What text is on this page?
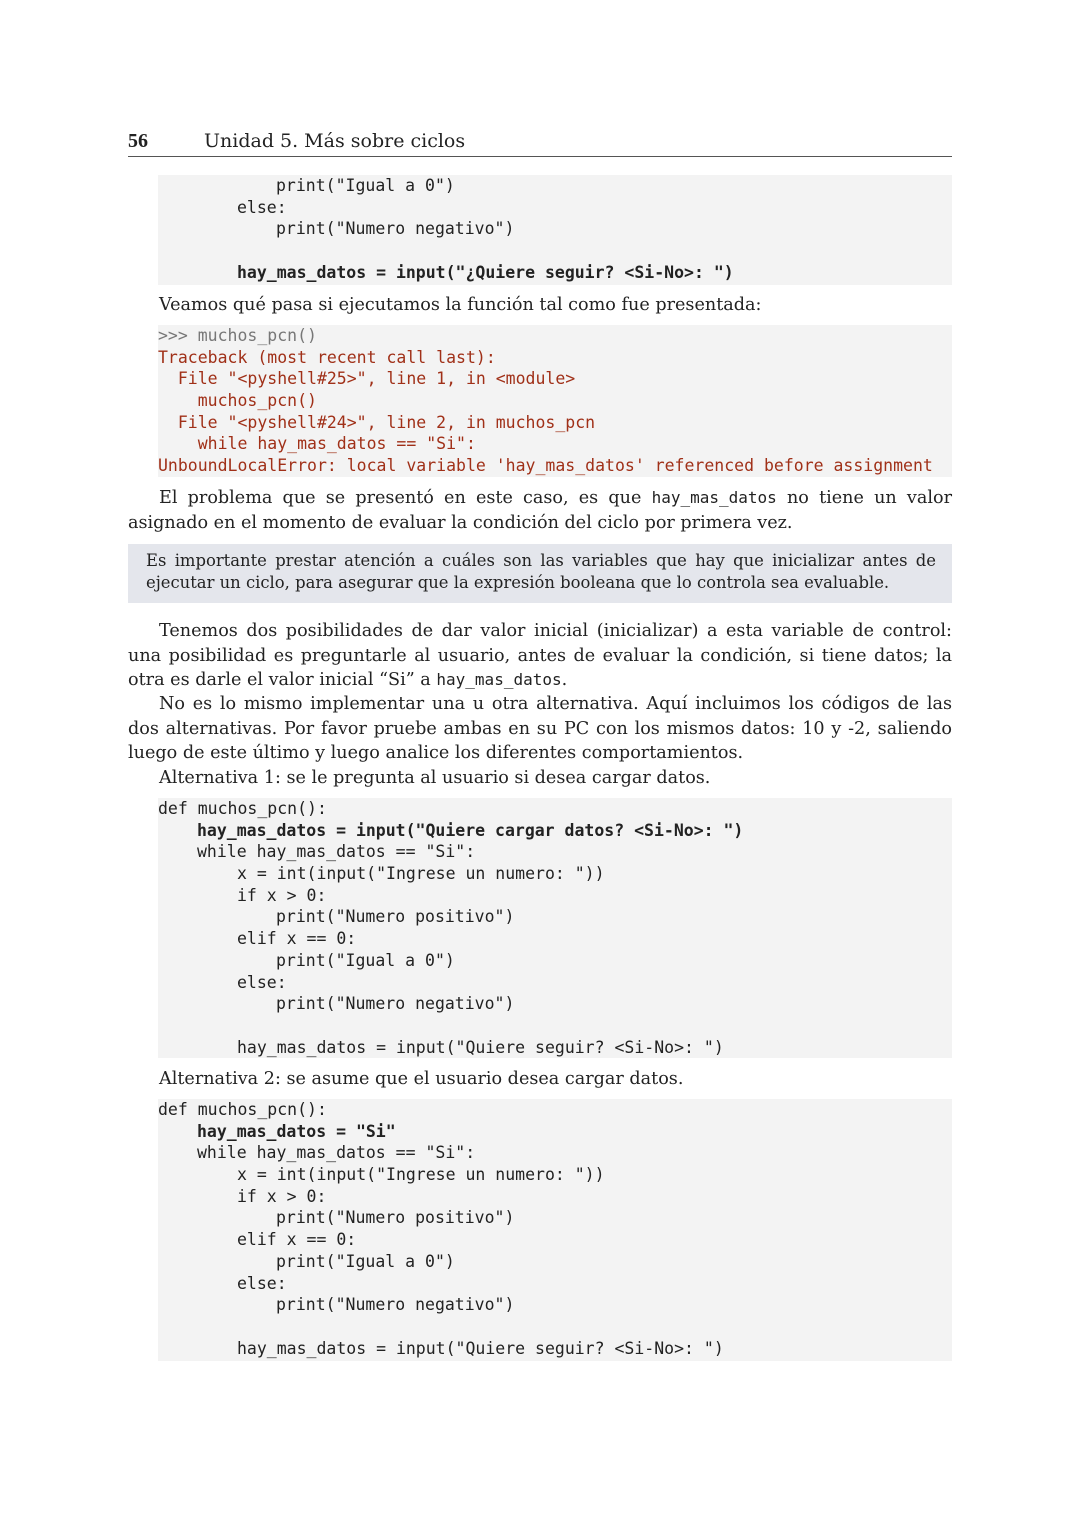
56	Unidad 5. Más sobre ciclos
print("Igual a 0")
else:
print("Numero negativo")
hay_mas_datos = input("¿Quiere seguir? <Si-No>: ")
Veamos qué pasa si ejecutamos la función tal como fue presentada:
>>> muchos_pcn()
Traceback (most recent call last):
File "<pyshell#25>", line 1, in <module>
muchos_pcn()
File "<pyshell#24>", line 2, in muchos_pcn
while hay_mas_datos == "Si":
UnboundLocalError: local variable 'hay_mas_datos' referenced before assignment
El problema que se presentó en este caso, es que hay_mas_datos no tiene un valor asignado en el momento de evaluar la condición del ciclo por primera vez.
Es importante prestar atención a cuáles son las variables que hay que inicializar antes de ejecutar un ciclo, para asegurar que la expresión booleana que lo controla sea evaluable.
Tenemos dos posibilidades de dar valor inicial (inicializar) a esta variable de control: una posibilidad es preguntarle al usuario, antes de evaluar la condición, si tiene datos; la otra es darle el valor inicial “Si” a hay_mas_datos.
No es lo mismo implementar una u otra alternativa. Aquí incluimos los códigos de las dos alternativas. Por favor pruebe ambas en su PC con los mismos datos: 10 y -2, saliendo luego de este último y luego analice los diferentes comportamientos.
Alternativa 1: se le pregunta al usuario si desea cargar datos.
def muchos_pcn():
hay_mas_datos = input("Quiere cargar datos? <Si-No>: ")
while hay_mas_datos == "Si":
x = int(input("Ingrese un numero: "))
if x > 0:
print("Numero positivo")
elif x == 0:
print("Igual a 0")
else:
print("Numero negativo")
hay_mas_datos = input("Quiere seguir? <Si-No>: ")
Alternativa 2: se asume que el usuario desea cargar datos.
def muchos_pcn():
hay_mas_datos = "Si"
while hay_mas_datos == "Si":
x = int(input("Ingrese un numero: "))
if x > 0:
print("Numero positivo")
elif x == 0:
print("Igual a 0")
else:
print("Numero negativo")
hay_mas_datos = input("Quiere seguir? <Si-No>: ")
